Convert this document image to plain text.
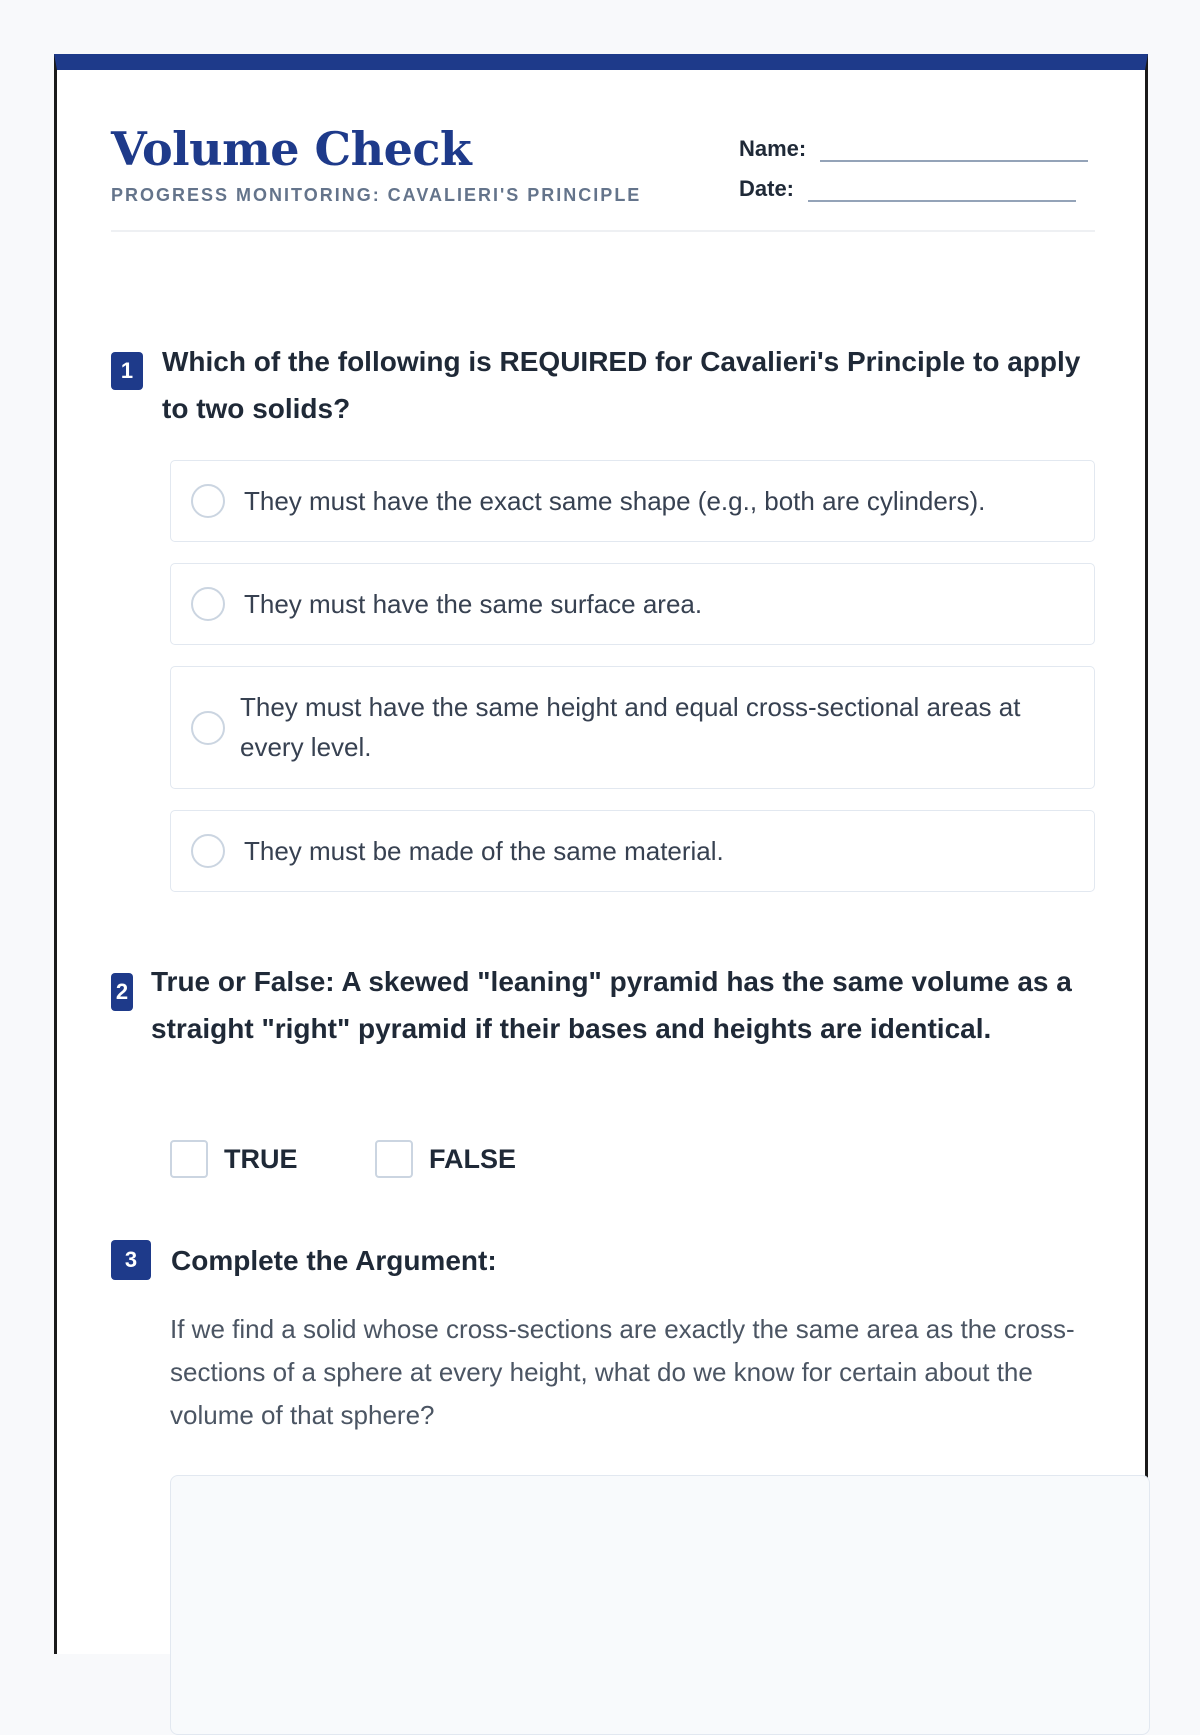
Volume Check
PROGRESS MONITORING: CAVALIERI'S PRINCIPLE
Name:
Date:
1	Which of the following is REQUIRED for Cavalieri's Principle to apply to two solids?
They must have the exact same shape (e.g., both are cylinders).
They must have the same surface area.
They must have the same height and equal cross-sectional areas at every level.
They must be made of the same material.
2 True or False: A skewed "leaning" pyramid has the same volume as a straight "right" pyramid if their bases and heights are identical.
TRUE	FALSE
3	Complete the Argument:
If we find a solid whose cross-sections are exactly the same area as the cross-sections of a sphere at every height, what do we know for certain about the volume of that sphere?
